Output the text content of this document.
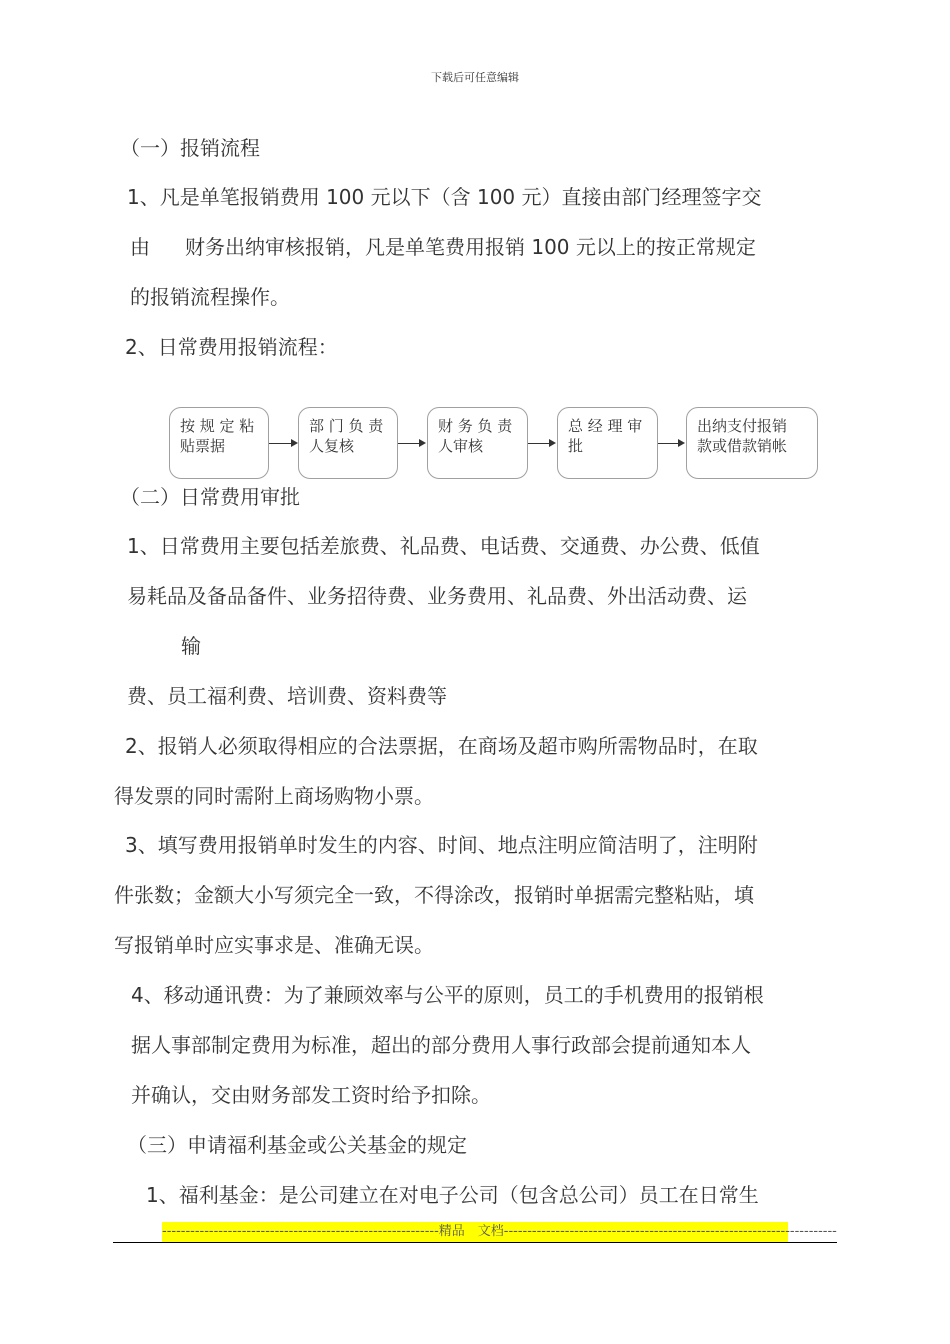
下载后可任意编辑
（一）报销流程
1、凡是单笔报销费用 100 元以下（含 100 元）直接由部门经理签字交
由 财务出纳审核报销，凡是单笔费用报销 100 元以上的按正常规定
的报销流程操作。
2、日常费用报销流程：
按 规 定 粘
贴票据
部 门 负 责
人复核
财 务 负 责
人审核
总 经 理 审
批
出纳支付报销
款或借款销帐
（二）日常费用审批
1、日常费用主要包括差旅费、礼品费、电话费、交通费、办公费、低值
易耗品及备品备件、业务招待费、业务费用、礼品费、外出活动费、运
输
费、员工福利费、培训费、资料费等
2、报销人必须取得相应的合法票据，在商场及超市购所需物品时，在取
得发票的同时需附上商场购物小票。
3、填写费用报销单时发生的内容、时间、地点注明应简洁明了，注明附
件张数；金额大小写须完全一致，不得涂改，报销时单据需完整粘贴，填
写报销单时应实事求是、准确无误。
4、移动通讯费：为了兼顾效率与公平的原则，员工的手机费用的报销根
据人事部制定费用为标准，超出的部分费用人事行政部会提前通知本人
并确认，交由财务部发工资时给予扣除。
（三）申请福利基金或公关基金的规定
1、福利基金：是公司建立在对电子公司（包含总公司）员工在日常生
-----------------------------------------------------------精品　文档-----------------------------------------------------------------------
